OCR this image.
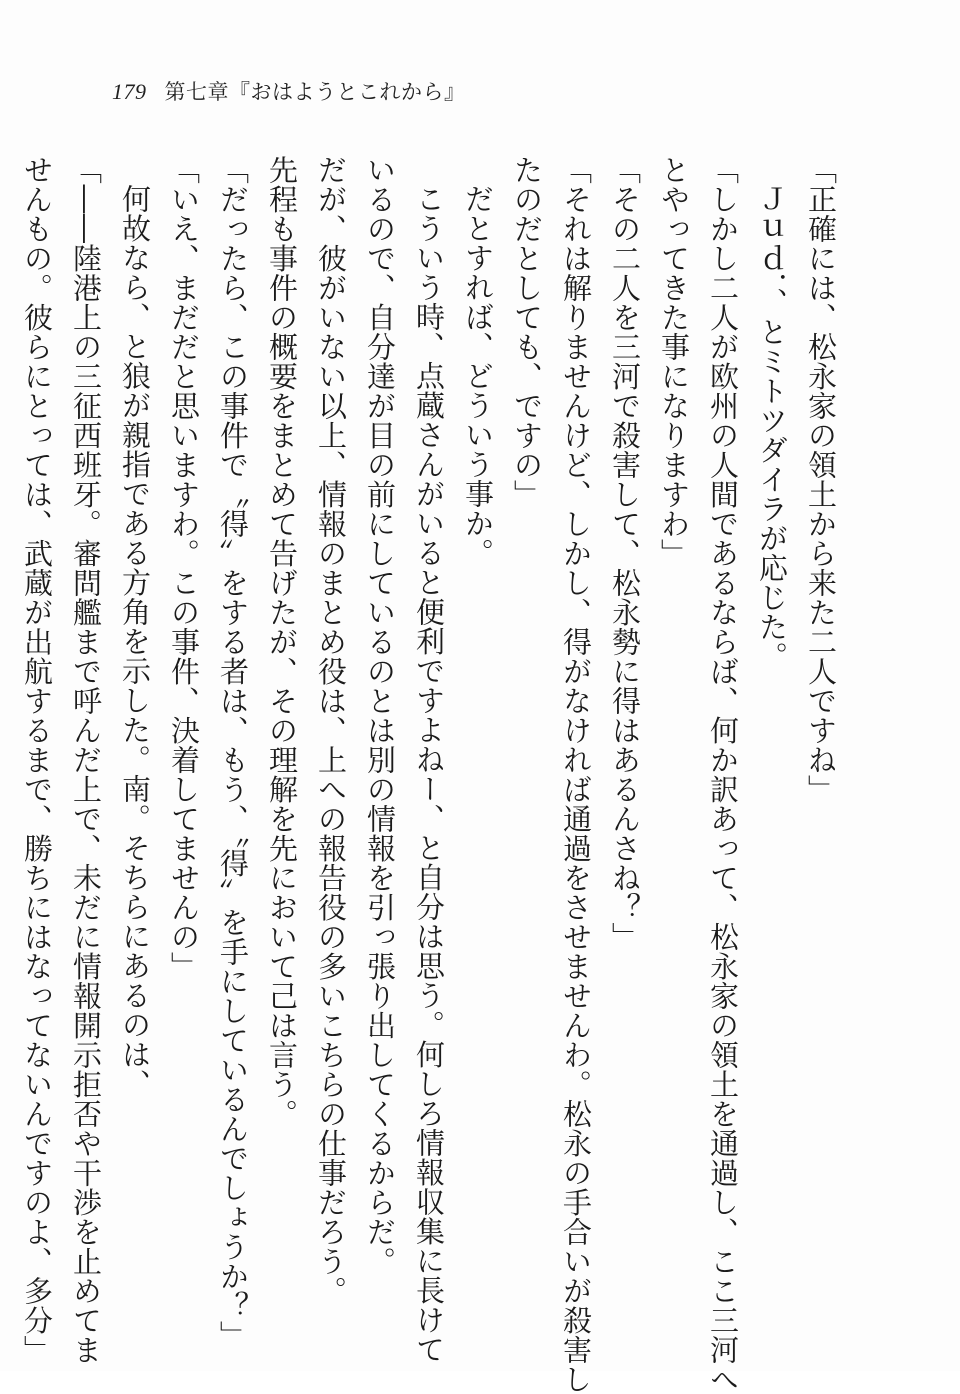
179 第七章『おはようとこれから』

「正確には、松永家の領土から来た二人ですね」

Ｊｕｄ．、とミトツダイラが応じた。

「しかし二人が欧州の人間であるならば、何か訳あって、松永家の領土を通過し、ここ三河へ

とやってきた事になりますわ」

「その二人を三河で殺害して、松永勢に得はあるんさね？」

「それは解りませんけど、しかし、得がなければ通過をさせませんわ。松永の手合いが殺害し

たのだとしても、ですの」

だとすれば、どういう事か。

こういう時、点蔵さんがいると便利ですよねー、と自分は思う。何しろ情報収集に長けて

いるので、自分達が目の前にしているのとは別の情報を引っ張り出してくるからだ。

だが、彼がいない以上、情報のまとめ役は、上への報告役の多いこちらの仕事だろう。

先程も事件の概要をまとめて告げたが、その理解を先において己は言う。

「だったら、この事件で〝得〟をする者は、もう、〝得〟を手にしているんでしょうか？」

「いえ、まだだと思いますわ。この事件、決着してませんの」

何故なら、と狼が親指である方角を示した。南。そちらにあるのは、

「――陸港上の三征西班牙。審問艦まで呼んだ上で、未だに情報開示拒否や干渉を止めてま

せんもの。彼らにとっては、武蔵が出航するまで、勝ちにはなってないんですのよ、多分」
